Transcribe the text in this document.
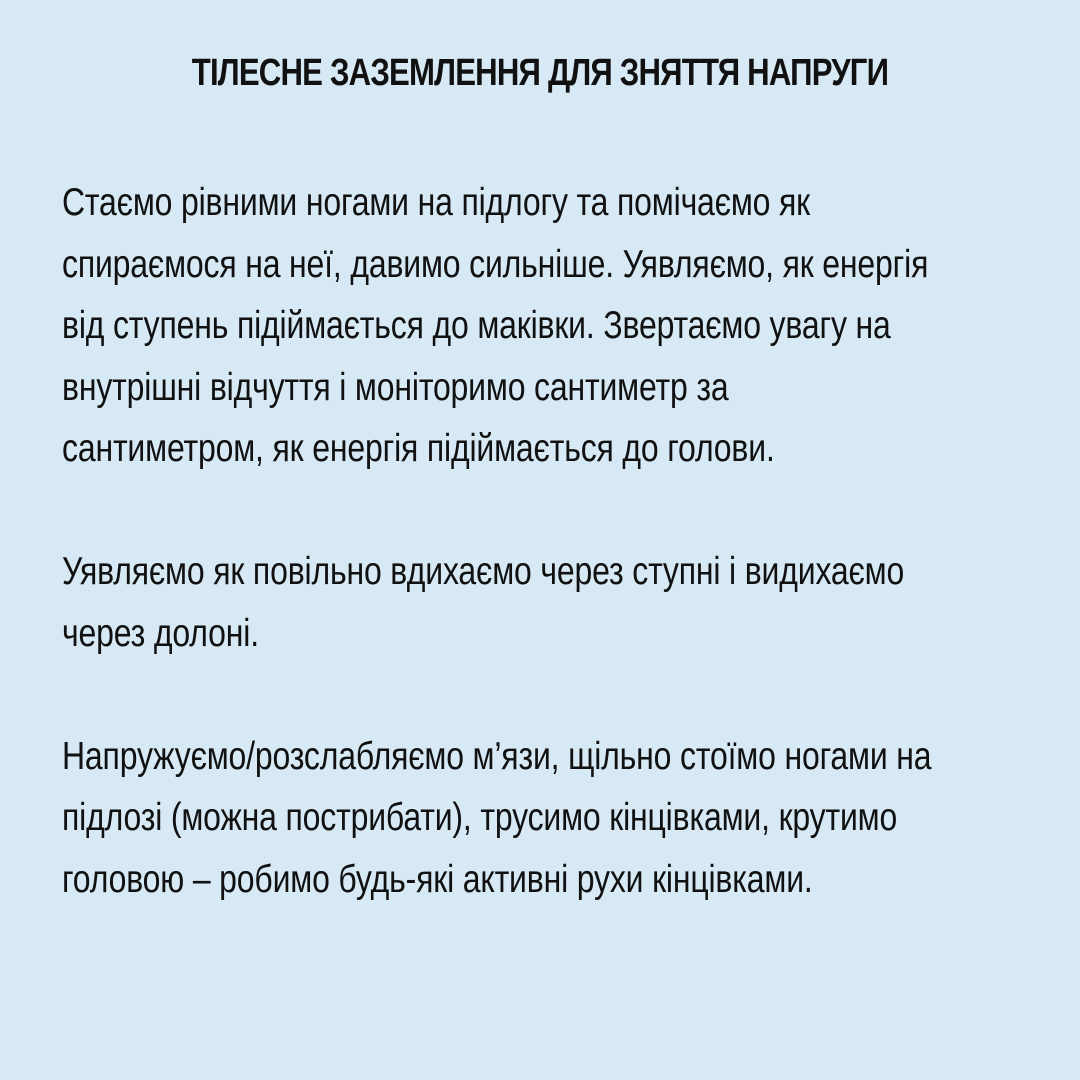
ТІЛЕСНЕ ЗАЗЕМЛЕННЯ ДЛЯ ЗНЯТТЯ НАПРУГИ

Стаємо рівними ногами на підлогу та помічаємо як
спираємося на неї, давимо сильніше. Уявляємо, як енергія
від ступень підіймається до маківки. Звертаємо увагу на
внутрішні відчуття і моніторимо сантиметр за
сантиметром, як енергія підіймається до голови.

Уявляємо як повільно вдихаємо через ступні і видихаємо
через долоні.

Напружуємо/розслабляємо м’язи, щільно стоїмо ногами на
підлозі (можна пострибати), трусимо кінцівками, крутимо
головою – робимо будь-які активні рухи кінцівками.
